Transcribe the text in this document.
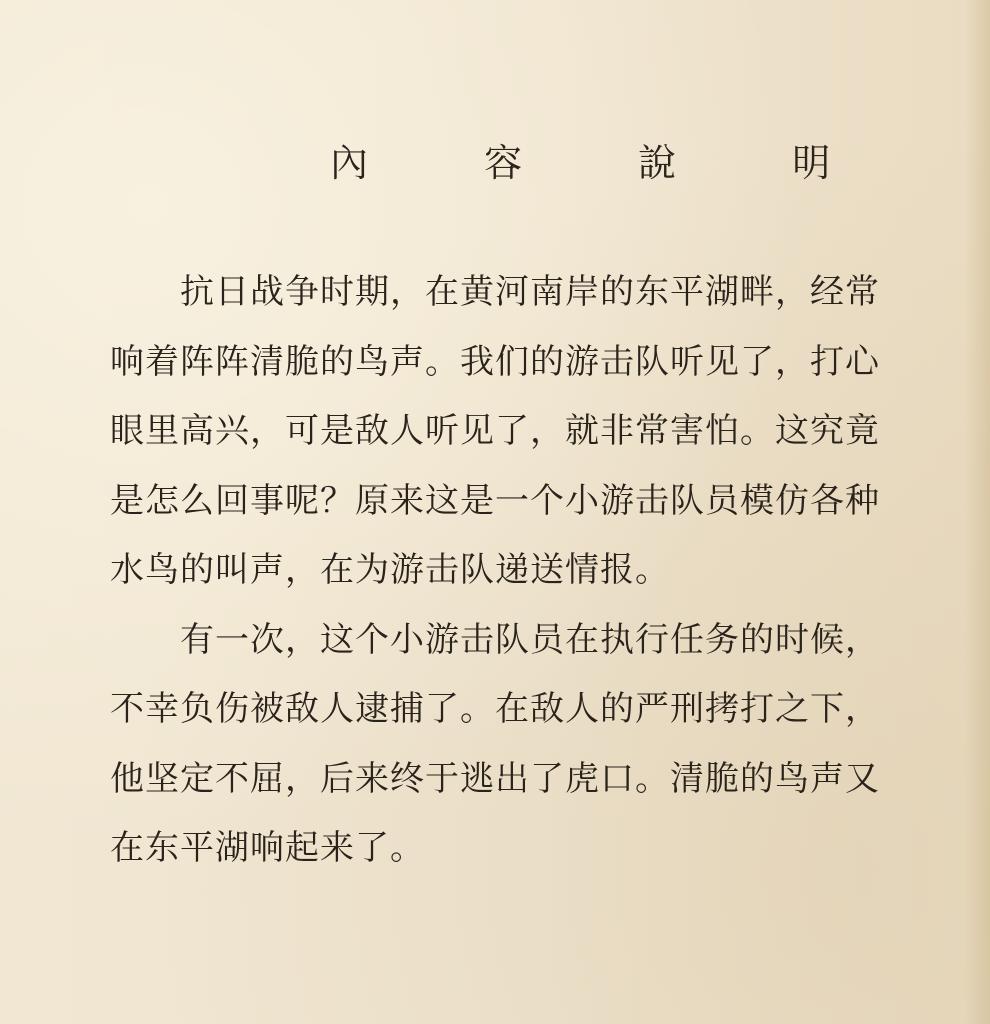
內 容 說 明

抗日战争时期，在黄河南岸的东平湖畔，经常响着阵阵清脆的鸟声。我们的游击队听见了，打心眼里高兴，可是敌人听见了，就非常害怕。这究竟是怎么回事呢？原来这是一个小游击队员模仿各种水鸟的叫声，在为游击队递送情报。

有一次，这个小游击队员在执行任务的时候，不幸负伤被敌人逮捕了。在敌人的严刑拷打之下，他坚定不屈，后来终于逃出了虎口。清脆的鸟声又在东平湖响起来了。
